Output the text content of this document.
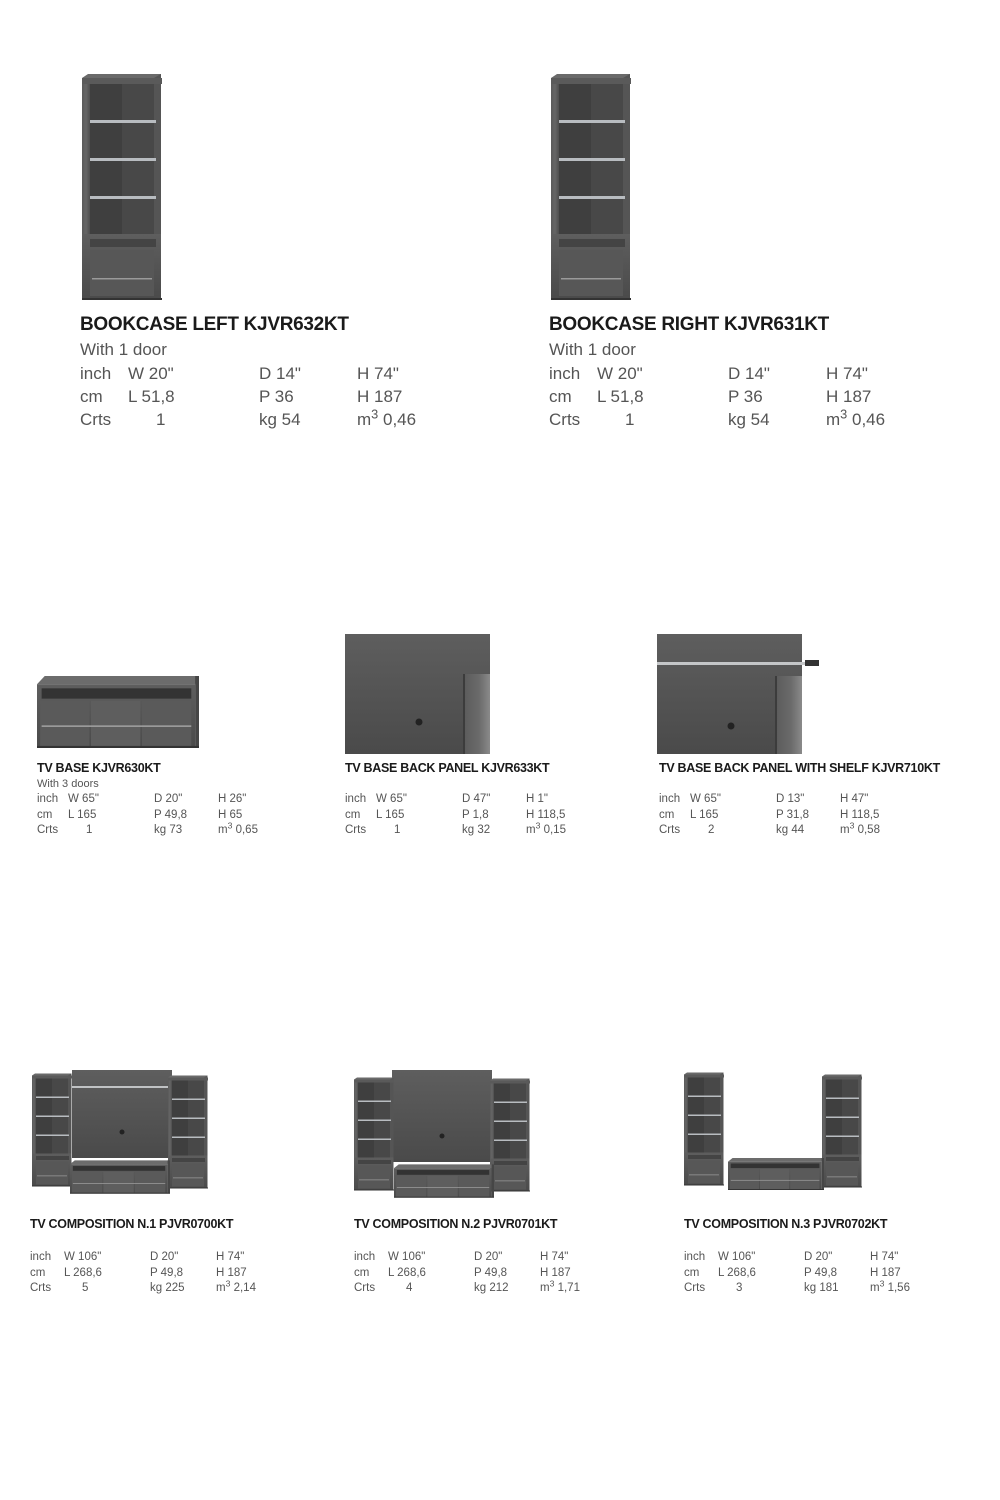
BOOKCASE LEFT KJVR632KT
With 1 door
inch	W 20"	D 14"	H 74"
cm	L 51,8	P 36	H 187
Crts	1	kg 54	$m^3$ 0,46
BOOKCASE RIGHT KJVR631KT
With 1 door
inch	W 20"	D 14"	H 74"
cm	L 51,8	P 36	H 187
Crts	1	kg 54	$m^3$ 0,46
TV BASE KJVR630KT
With 3 doors
inch	W 65"	D 20"	H 26"
cm	L 165	P 49,8	H 65
Crts	1	kg 73	$m^3$ 0,65
TV BASE BACK PANEL KJVR633KT
inch	W 65"	D 47"	H 1"
cm	L 165	P 1,8	H 118,5
Crts	1	kg 32	$m^3$ 0,15
TV BASE BACK PANEL WITH SHELF KJVR710KT
inch	W 65"	D 13"	H 47"
cm	L 165	P 31,8	H 118,5
Crts	2	kg 44	$m^3$ 0,58
TV COMPOSITION N.1 PJVR0700KT
inch	W 106"	D 20"	H 74"
cm	L 268,6	P 49,8	H 187
Crts	5	kg 225	$m^3$ 2,14
TV COMPOSITION N.2 PJVR0701KT
inch	W 106"	D 20"	H 74"
cm	L 268,6	P 49,8	H 187
Crts	4	kg 212	$m^3$ 1,71
TV COMPOSITION N.3 PJVR0702KT
inch	W 106"	D 20"	H 74"
cm	L 268,6	P 49,8	H 187
Crts	3	kg 181	$m^3$ 1,56
